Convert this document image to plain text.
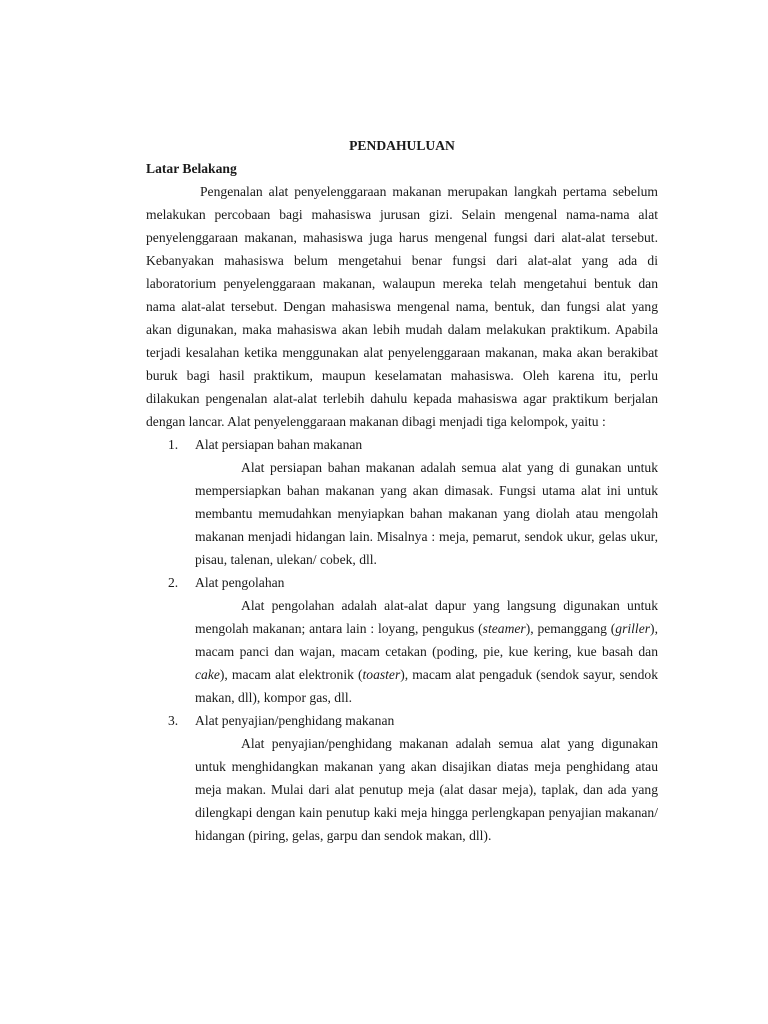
PENDAHULUAN

Latar Belakang

Pengenalan alat penyelenggaraan makanan merupakan langkah pertama sebelum melakukan percobaan bagi mahasiswa jurusan gizi. Selain mengenal nama-nama alat penyelenggaraan makanan, mahasiswa juga harus mengenal fungsi dari alat-alat tersebut. Kebanyakan mahasiswa belum mengetahui benar fungsi dari alat-alat yang ada di laboratorium penyelenggaraan makanan, walaupun mereka telah mengetahui bentuk dan nama alat-alat tersebut. Dengan mahasiswa mengenal nama, bentuk, dan fungsi alat yang akan digunakan, maka mahasiswa akan lebih mudah dalam melakukan praktikum. Apabila terjadi kesalahan ketika menggunakan alat penyelenggaraan makanan, maka akan berakibat buruk bagi hasil praktikum, maupun keselamatan mahasiswa. Oleh karena itu, perlu dilakukan pengenalan alat-alat terlebih dahulu kepada mahasiswa agar praktikum berjalan dengan lancar. Alat penyelenggaraan makanan dibagi menjadi tiga kelompok, yaitu :

1. Alat persiapan bahan makanan

Alat persiapan bahan makanan adalah semua alat yang di gunakan untuk mempersiapkan bahan makanan yang akan dimasak. Fungsi utama alat ini untuk membantu memudahkan menyiapkan bahan makanan yang diolah atau mengolah makanan menjadi hidangan lain. Misalnya : meja, pemarut, sendok ukur, gelas ukur, pisau, talenan, ulekan/ cobek, dll.

2. Alat pengolahan

Alat pengolahan adalah alat-alat dapur yang langsung digunakan untuk mengolah makanan; antara lain : loyang, pengukus (steamer), pemanggang (griller), macam panci dan wajan, macam cetakan (poding, pie, kue kering, kue basah dan cake), macam alat elektronik (toaster), macam alat pengaduk (sendok sayur, sendok makan, dll), kompor gas, dll.

3. Alat penyajian/penghidang makanan

Alat penyajian/penghidang makanan adalah semua alat yang digunakan untuk menghidangkan makanan yang akan disajikan diatas meja penghidang atau meja makan. Mulai dari alat penutup meja (alat dasar meja), taplak, dan ada yang dilengkapi dengan kain penutup kaki meja hingga perlengkapan penyajian makanan/ hidangan (piring, gelas, garpu dan sendok makan, dll).
